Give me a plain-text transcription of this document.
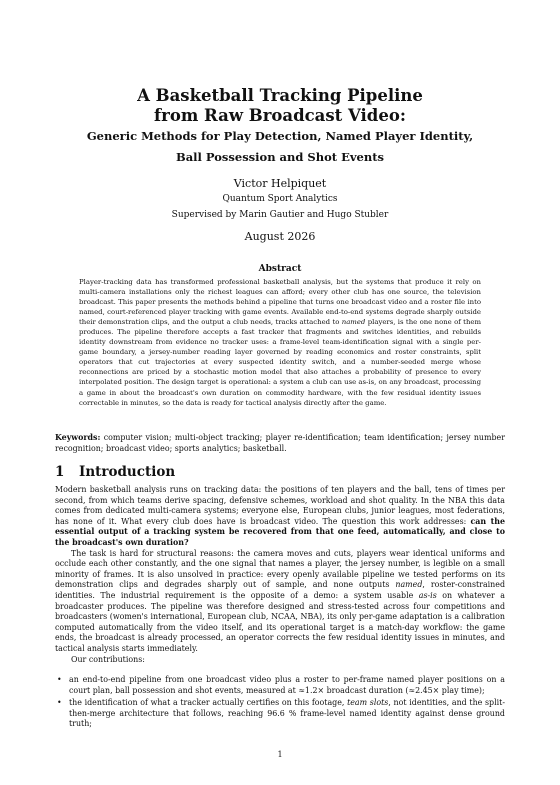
A Basketball Tracking Pipeline
from Raw Broadcast Video:
Generic Methods for Play Detection, Named Player Identity,
Ball Possession and Shot Events
Victor Helpiquet
Quantum Sport Analytics
Supervised by Marin Gautier and Hugo Stubler
August 2026
Abstract
Player-tracking data has transformed professional basketball analysis, but the systems that produce it rely on multi-camera installations only the richest leagues can afford; every other club has one source, the television broadcast. This paper presents the methods behind a pipeline that turns one broadcast video and a roster file into named, court-referenced player tracking with game events. Available end-to-end systems degrade sharply outside their demonstration clips, and the output a club needs, tracks attached to named players, is the one none of them produces. The pipeline therefore accepts a fast tracker that fragments and switches identities, and rebuilds identity downstream from evidence no tracker uses: a frame-level team-identification signal with a single per-game boundary, a jersey-number reading layer governed by reading economics and roster constraints, split operators that cut trajectories at every suspected identity switch, and a number-seeded merge whose reconnections are priced by a stochastic motion model that also attaches a probability of presence to every interpolated position. The design target is operational: a system a club can use as-is, on any broadcast, processing a game in about the broadcast's own duration on commodity hardware, with the few residual identity issues correctable in minutes, so the data is ready for tactical analysis directly after the game.
Keywords: computer vision; multi-object tracking; player re-identification; team identification; jersey number recognition; broadcast video; sports analytics; basketball.
1 Introduction

Modern basketball analysis runs on tracking data: the positions of ten players and the ball, tens of times per second, from which teams derive spacing, defensive schemes, workload and shot quality. In the NBA this data comes from dedicated multi-camera systems; everyone else, European clubs, junior leagues, most federations, has none of it. What every club does have is broadcast video. The question this work addresses: can the essential output of a tracking system be recovered from that one feed, automatically, and close to the broadcast's own duration?

The task is hard for structural reasons: the camera moves and cuts, players wear identical uniforms and occlude each other constantly, and the one signal that names a player, the jersey number, is legible on a small minority of frames. It is also unsolved in practice: every openly available pipeline we tested performs on its demonstration clips and degrades sharply out of sample, and none outputs named, roster-constrained identities. The industrial requirement is the opposite of a demo: a system usable as-is on whatever a broadcaster produces. The pipeline was therefore designed and stress-tested across four competitions and broadcasters (women's international, European club, NCAA, NBA), its only per-game adaptation is a calibration computed automatically from the video itself, and its operational target is a match-day workflow: the game ends, the broadcast is already processed, an operator corrects the few residual identity issues in minutes, and tactical analysis starts immediately.

Our contributions:

• an end-to-end pipeline from one broadcast video plus a roster to per-frame named player positions on a court plan, ball possession and shot events, measured at ≈1.2× broadcast duration (≈2.45× play time);
• the identification of what a tracker actually certifies on this footage, team slots, not identities, and the split-then-merge architecture that follows, reaching 96.6 % frame-level named identity against dense ground truth;
1
